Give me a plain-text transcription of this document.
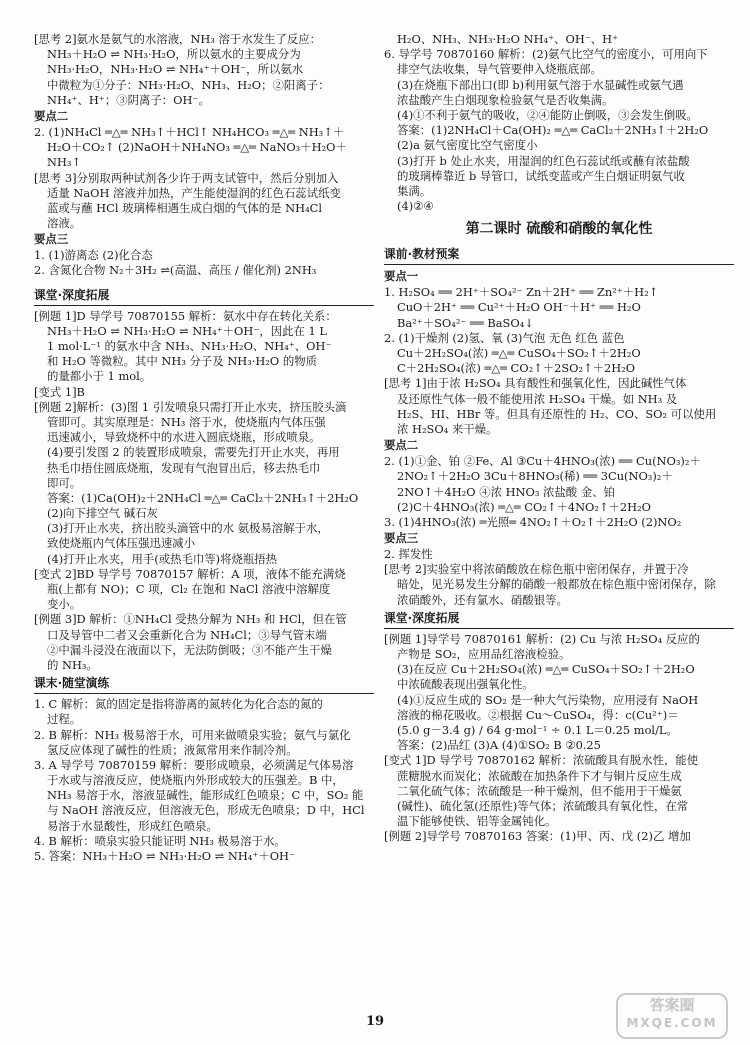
[思考 2]氨水是氨气的水溶液，NH₃ 溶于水发生了反应：
NH₃＋H₂O ⇌ NH₃·H₂O，所以氨水的主要成分为
NH₃·H₂O，NH₃·H₂O ⇌ NH₄⁺＋OH⁻，所以氨水
中微粒为①分子：NH₃·H₂O、NH₃、H₂O；②阳离子：
NH₄⁺、H⁺；③阴离子：OH⁻。
要点二
2. (1)NH₄Cl ═△═ NH₃↑＋HCl↑ NH₄HCO₃ ═△═ NH₃↑＋
H₂O＋CO₂↑ (2)NaOH＋NH₄NO₃ ═△═ NaNO₃＋H₂O＋
NH₃↑
[思考 3]分别取两种试剂各少许于两支试管中，然后分别加入
适量 NaOH 溶液并加热，产生能使湿润的红色石蕊试纸变
蓝或与蘸 HCl 玻璃棒相遇生成白烟的气体的是 NH₄Cl
溶液。
要点三
1. (1)游离态 (2)化合态
2. 含氮化合物 N₂＋3H₂ ⇌(高温、高压 / 催化剂) 2NH₃
课堂·深度拓展
[例题 1]D 导学号 70870155 解析：氨水中存在转化关系：
NH₃＋H₂O ⇌ NH₃·H₂O ⇌ NH₄⁺＋OH⁻，因此在 1 L
1 mol·L⁻¹ 的氨水中含 NH₃、NH₃·H₂O、NH₄⁺、OH⁻
和 H₂O 等微粒。其中 NH₃ 分子及 NH₃·H₂O 的物质
的量都小于 1 mol。
[变式 1]B
[例题 2]解析：(3)图 1 引发喷泉只需打开止水夹，挤压胶头滴
管即可。其实原理是：NH₃ 溶于水，使烧瓶内气体压强
迅速减小，导致烧杯中的水进入圆底烧瓶，形成喷泉。
(4)要引发图 2 的装置形成喷泉，需要先打开止水夹，再用
热毛巾捂住圆底烧瓶，发现有气泡冒出后，移去热毛巾
即可。
答案：(1)Ca(OH)₂＋2NH₄Cl ═△═ CaCl₂＋2NH₃↑＋2H₂O
(2)向下排空气 碱石灰
(3)打开止水夹，挤出胶头滴管中的水 氨极易溶解于水，
致使烧瓶内气体压强迅速减小
(4)打开止水夹，用手(或热毛巾等)将烧瓶捂热
[变式 2]BD 导学号 70870157 解析：A 项，液体不能充满烧
瓶(上都有 NO)；C 项，Cl₂ 在饱和 NaCl 溶液中溶解度
变小。
[例题 3]D 解析：①NH₄Cl 受热分解为 NH₃ 和 HCl，但在管
口及导管中二者又会重新化合为 NH₄Cl；③导气管末端
②中漏斗浸没在液面以下，无法防倒吸；③不能产生干燥
的 NH₃。
课末·随堂演练
1. C 解析：氮的固定是指将游离的氮转化为化合态的氮的
过程。
2. B 解析：NH₃ 极易溶于水，可用来做喷泉实验；氨气与氯化
氢反应体现了碱性的性质；液氮常用来作制冷剂。
3. A 导学号 70870159 解析：要形成喷泉，必须满足气体易溶
于水或与溶液反应，使烧瓶内外形成较大的压强差。B 中，
NH₃ 易溶于水，溶液显碱性，能形成红色喷泉；C 中，SO₂ 能
与 NaOH 溶液反应，但溶液无色，形成无色喷泉；D 中，HCl
易溶于水显酸性，形成红色喷泉。
4. B 解析：喷泉实验只能证明 NH₃ 极易溶于水。
5. 答案：NH₃＋H₂O ⇌ NH₃·H₂O ⇌ NH₄⁺＋OH⁻
H₂O、NH₃、NH₃·H₂O NH₄⁺、OH⁻、H⁺
6. 导学号 70870160 解析：(2)氨气比空气的密度小，可用向下
排空气法收集，导气管要伸入烧瓶底部。
(3)在烧瓶下部出口(即 b)利用氨气溶于水显碱性或氨气遇
浓盐酸产生白烟现象检验氨气是否收集满。
(4)①不利于氨气的吸收，②④能防止倒吸，③会发生倒吸。
答案：(1)2NH₄Cl＋Ca(OH)₂ ═△═ CaCl₂＋2NH₃↑＋2H₂O
(2)a 氨气密度比空气密度小
(3)打开 b 处止水夹，用湿润的红色石蕊试纸或蘸有浓盐酸
的玻璃棒靠近 b 导管口，试纸变蓝或产生白烟证明氨气收
集满。
(4)②④
第二课时 硫酸和硝酸的氧化性
课前·教材预案
要点一
1. H₂SO₄ ══ 2H⁺＋SO₄²⁻ Zn＋2H⁺ ══ Zn²⁺＋H₂↑
CuO＋2H⁺ ══ Cu²⁺＋H₂O OH⁻＋H⁺ ══ H₂O
Ba²⁺＋SO₄²⁻ ══ BaSO₄↓
2. (1)干燥剂 (2)氢、氧 (3)气泡 无色 红色 蓝色
Cu＋2H₂SO₄(浓) ═△═ CuSO₄＋SO₂↑＋2H₂O
C＋2H₂SO₄(浓) ═△═ CO₂↑＋2SO₂↑＋2H₂O
[思考 1]由于浓 H₂SO₄ 具有酸性和强氧化性，因此碱性气体
及还原性气体一般不能使用浓 H₂SO₄ 干燥。如 NH₃ 及
H₂S、HI、HBr 等。但具有还原性的 H₂、CO、SO₂ 可以使用
浓 H₂SO₄ 来干燥。
要点二
2. (1)①金、铂 ②Fe、Al ③Cu＋4HNO₃(浓) ══ Cu(NO₃)₂＋
2NO₂↑＋2H₂O 3Cu＋8HNO₃(稀) ══ 3Cu(NO₃)₂＋
2NO↑＋4H₂O ④浓 HNO₃ 浓盐酸 金、铂
(2)C＋4HNO₃(浓) ═△═ CO₂↑＋4NO₂↑＋2H₂O
3. (1)4HNO₃(浓) ═光照═ 4NO₂↑＋O₂↑＋2H₂O (2)NO₂
要点三
2. 挥发性
[思考 2]实验室中将浓硝酸放在棕色瓶中密闭保存，并置于冷
暗处，见光易发生分解的硝酸一般都放在棕色瓶中密闭保存，除
浓硝酸外，还有氯水、硝酸银等。
课堂·深度拓展
[例题 1]导学号 70870161 解析：(2) Cu 与浓 H₂SO₄ 反应的
产物是 SO₂，应用品红溶液检验。
(3)在反应 Cu＋2H₂SO₄(浓) ═△═ CuSO₄＋SO₂↑＋2H₂O
中浓硫酸表现出强氧化性。
(4)①反应生成的 SO₂ 是一种大气污染物，应用浸有 NaOH
溶液的棉花吸收。②根据 Cu～CuSO₄，得：c(Cu²⁺)＝
(5.0 g－3.4 g) / 64 g·mol⁻¹ ÷ 0.1 L＝0.25 mol/L。
答案：(2)品红 (3)A (4)①SO₂ B ②0.25
[变式 1]D 导学号 70870162 解析：浓硫酸具有脱水性，能使
蔗糖脱水而炭化；浓硫酸在加热条件下才与铜片反应生成
二氧化硫气体；浓硫酸是一种干燥剂，但不能用于干燥氨
(碱性)、硫化氢(还原性)等气体；浓硫酸具有氧化性，在常
温下能够使铁、铝等金属钝化。
[例题 2]导学号 70870163 答案：(1)甲、丙、戊 (2)乙 增加
19
答案圈
MXQE.COM
